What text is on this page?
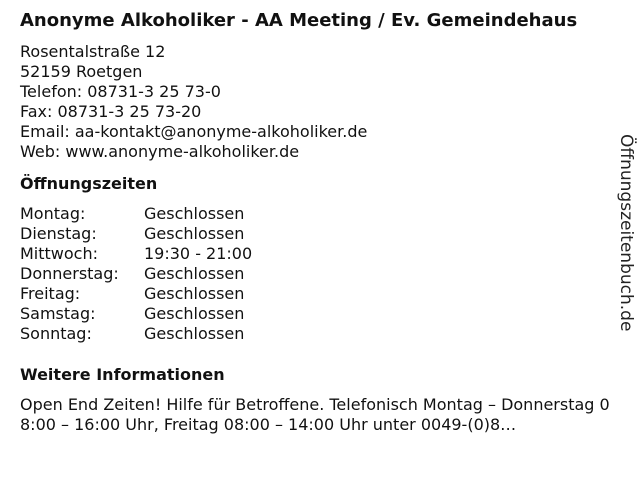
Anonyme Alkoholiker - AA Meeting / Ev. Gemeindehaus
Rosentalstraße 12
52159 Roetgen
Telefon: 08731-3 25 73-0
Fax: 08731-3 25 73-20
Email: aa-kontakt@anonyme-alkoholiker.de
Web: www.anonyme-alkoholiker.de
Öffnungszeiten
Montag:	Geschlossen
Dienstag:	Geschlossen
Mittwoch:	19:30 - 21:00
Donnerstag:	Geschlossen
Freitag:	Geschlossen
Samstag:	Geschlossen
Sonntag:	Geschlossen
Weitere Informationen
Open End Zeiten! Hilfe für Betroffene. Telefonisch Montag – Donnerstag 08:00 – 16:00 Uhr, Freitag 08:00 – 14:00 Uhr unter 0049-(0)8…
Öffnungszeitenbuch.de
